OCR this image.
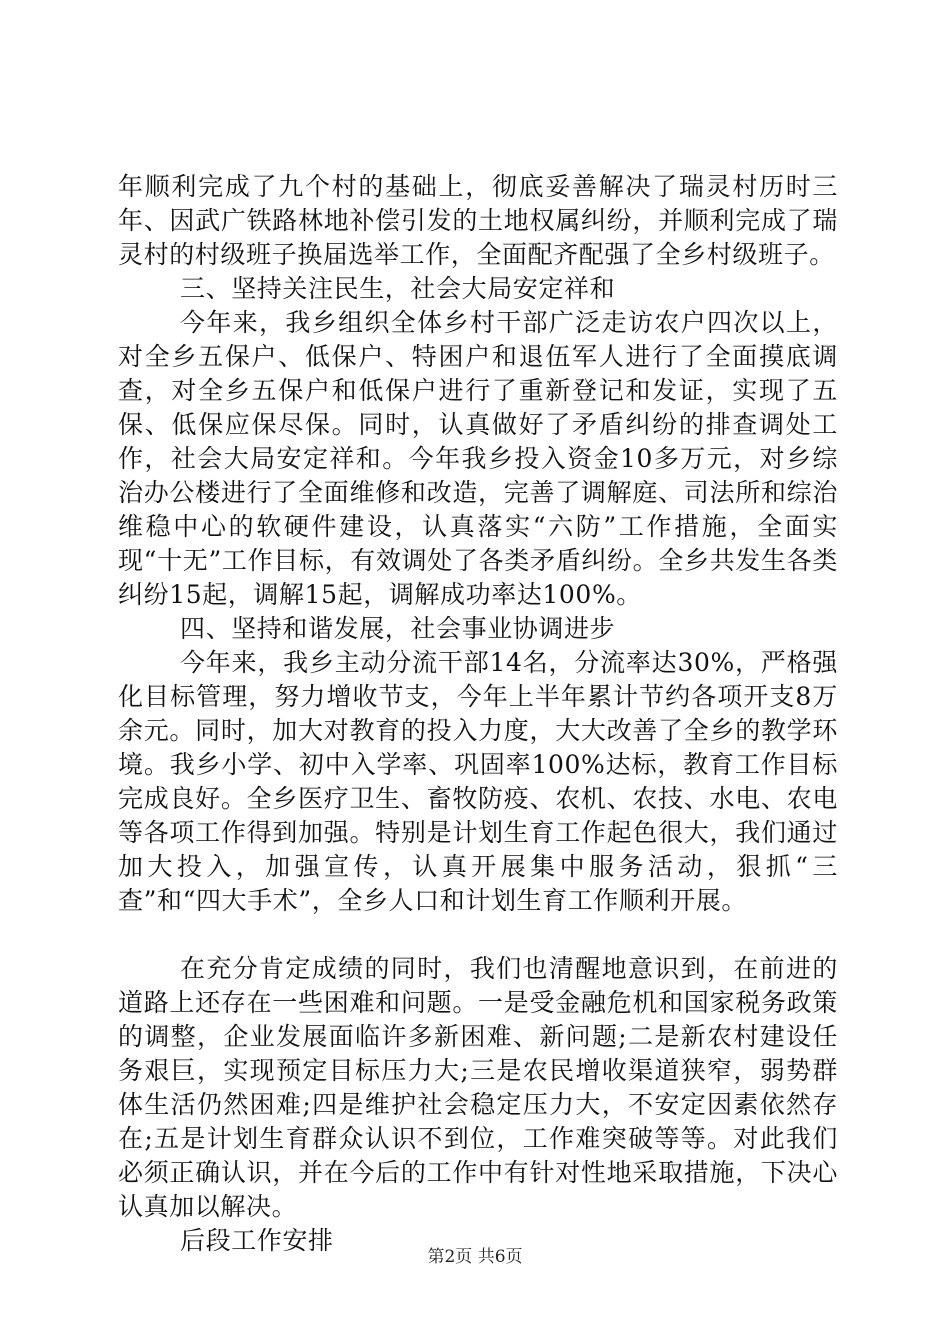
年顺利完成了九个村的基础上，彻底妥善解决了瑞灵村历时三年、因武广铁路林地补偿引发的土地权属纠纷，并顺利完成了瑞灵村的村级班子换届选举工作，全面配齐配强了全乡村级班子。

三、坚持关注民生，社会大局安定祥和

今年来，我乡组织全体乡村干部广泛走访农户四次以上，对全乡五保户、低保户、特困户和退伍军人进行了全面摸底调查，对全乡五保户和低保户进行了重新登记和发证，实现了五保、低保应保尽保。同时，认真做好了矛盾纠纷的排查调处工作，社会大局安定祥和。今年我乡投入资金10多万元，对乡综治办公楼进行了全面维修和改造，完善了调解庭、司法所和综治维稳中心的软硬件建设，认真落实“六防”工作措施，全面实现“十无”工作目标，有效调处了各类矛盾纠纷。全乡共发生各类纠纷15起，调解15起，调解成功率达100%。

四、坚持和谐发展，社会事业协调进步

今年来，我乡主动分流干部14名，分流率达30%，严格强化目标管理，努力增收节支，今年上半年累计节约各项开支8万余元。同时，加大对教育的投入力度，大大改善了全乡的教学环境。我乡小学、初中入学率、巩固率100%达标，教育工作目标完成良好。全乡医疗卫生、畜牧防疫、农机、农技、水电、农电等各项工作得到加强。特别是计划生育工作起色很大，我们通过加大投入，加强宣传，认真开展集中服务活动，狠抓“三查”和“四大手术”，全乡人口和计划生育工作顺利开展。

在充分肯定成绩的同时，我们也清醒地意识到，在前进的道路上还存在一些困难和问题。一是受金融危机和国家税务政策的调整，企业发展面临许多新困难、新问题;二是新农村建设任务艰巨，实现预定目标压力大;三是农民增收渠道狭窄，弱势群体生活仍然困难;四是维护社会稳定压力大，不安定因素依然存在;五是计划生育群众认识不到位，工作难突破等等。对此我们必须正确认识，并在今后的工作中有针对性地采取措施，下决心认真加以解决。

后段工作安排

第2页 共6页
